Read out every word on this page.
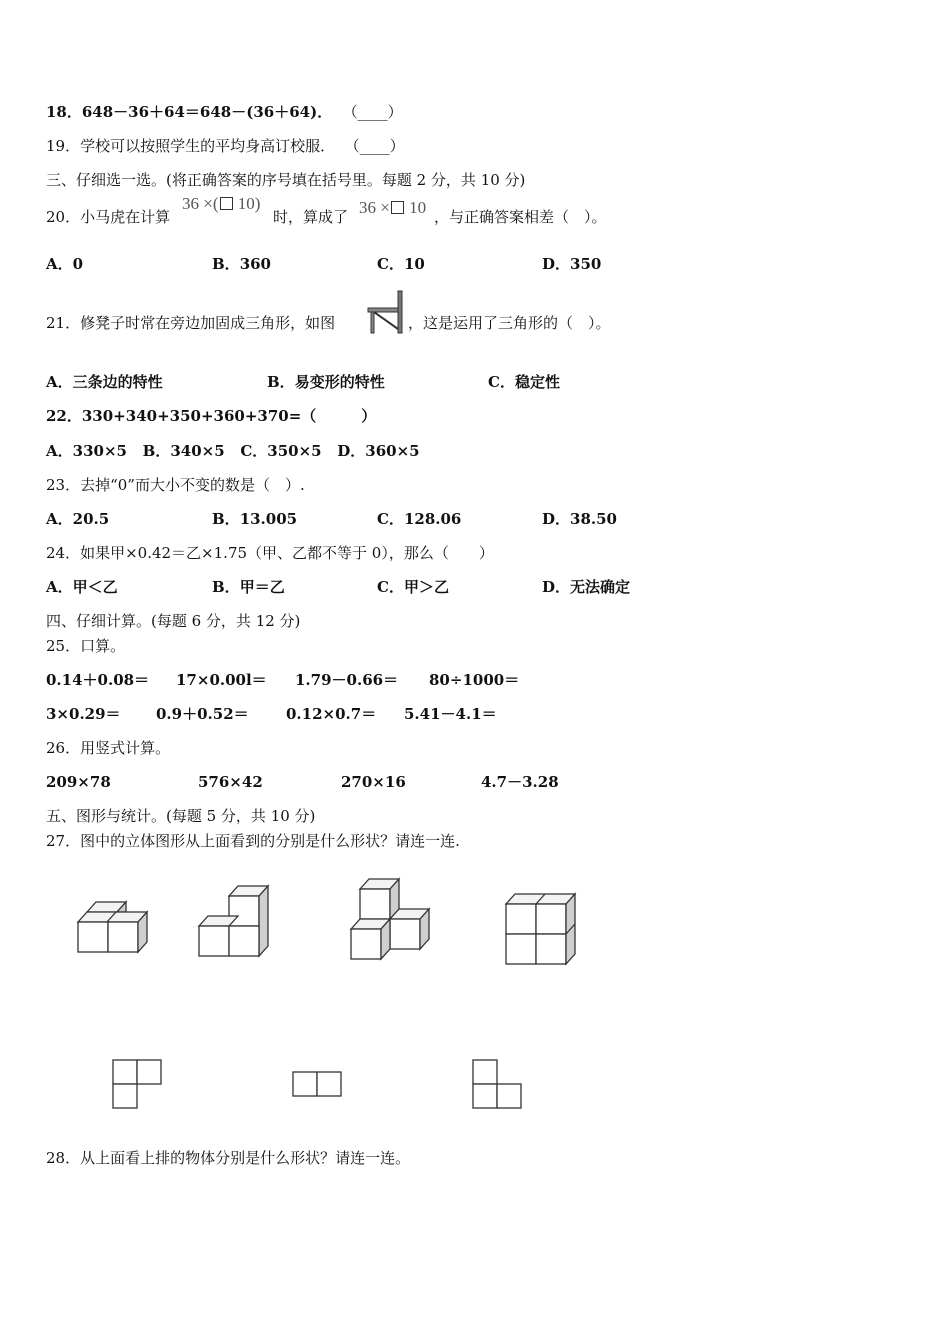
18．648－36＋64＝648－(36＋64)． （____）
19．学校可以按照学生的平均身高订校服． （____）
三、仔细选一选。(将正确答案的序号填在括号里。每题 2 分，共 10 分)
20．小马虎在计算
36 ×( 10)
时，算成了 36 × 10 ，与正确答案相差（　）。
A．0	B．360	C．10	D．350
21．修凳子时常在旁边加固成三角形，如图	，这是运用了三角形的（　）。
A．三条边的特性	B．易变形的特性	C．稳定性
22．330+340+350+360+370=（　　　）
A．330×5 B．340×5 C．350×5 D．360×5
23．去掉“0”而大小不变的数是（　）.
A．20.5	B．13.005	C．128.06	D．38.50
24．如果甲×0.42＝乙×1.75（甲、乙都不等于 0），那么（　　）
A．甲＜乙	B．甲＝乙	C．甲＞乙	D．无法确定
四、仔细计算。(每题 6 分，共 12 分)
25．口算。
0.14＋0.08＝ 17×0.00l＝ 1.79－0.66＝ 80÷1000＝
3×0.29＝ 0.9＋0.52＝ 0.12×0.7＝ 5.41－4.1＝
26．用竖式计算。
209×78	576×42	270×16	4.7－3.28
五、图形与统计。(每题 5 分，共 10 分)
27．图中的立体图形从上面看到的分别是什么形状？请连一连.
28．从上面看上排的物体分别是什么形状？请连一连。
